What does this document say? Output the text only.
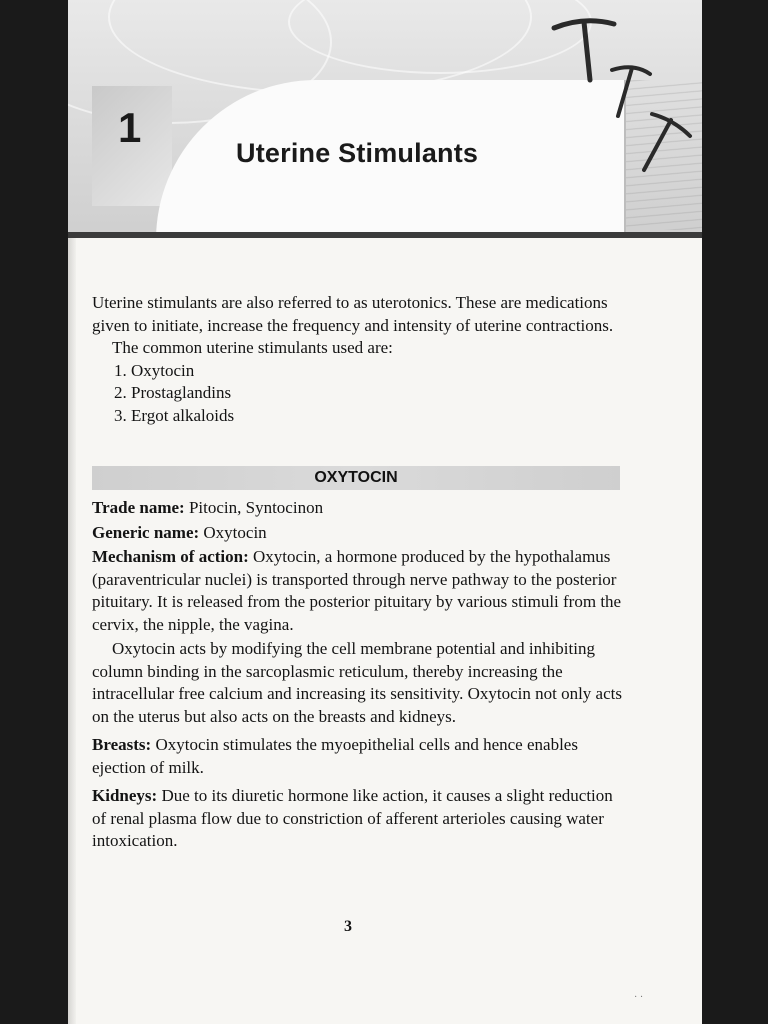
1
Uterine Stimulants

Uterine stimulants are also referred to as uterotonics. These are medications given to initiate, increase the frequency and intensity of uterine contractions.

The common uterine stimulants used are:

1. Oxytocin
2. Prostaglandins
3. Ergot alkaloids
OXYTOCIN

Trade name: Pitocin, Syntocinon

Generic name: Oxytocin

Mechanism of action: Oxytocin, a hormone produced by the hypothalamus (paraventricular nuclei) is transported through nerve pathway to the posterior pituitary. It is released from the posterior pituitary by various stimuli from the cervix, the nipple, the vagina.

Oxytocin acts by modifying the cell membrane potential and inhibiting column binding in the sarcoplasmic reticulum, thereby increasing the intracellular free calcium and increasing its sensitivity. Oxytocin not only acts on the uterus but also acts on the breasts and kidneys.

Breasts: Oxytocin stimulates the myoepithelial cells and hence enables ejection of milk.

Kidneys: Due to its diuretic hormone like action, it causes a slight reduction of renal plasma flow due to constriction of afferent arterioles causing water intoxication.

3
· ·
